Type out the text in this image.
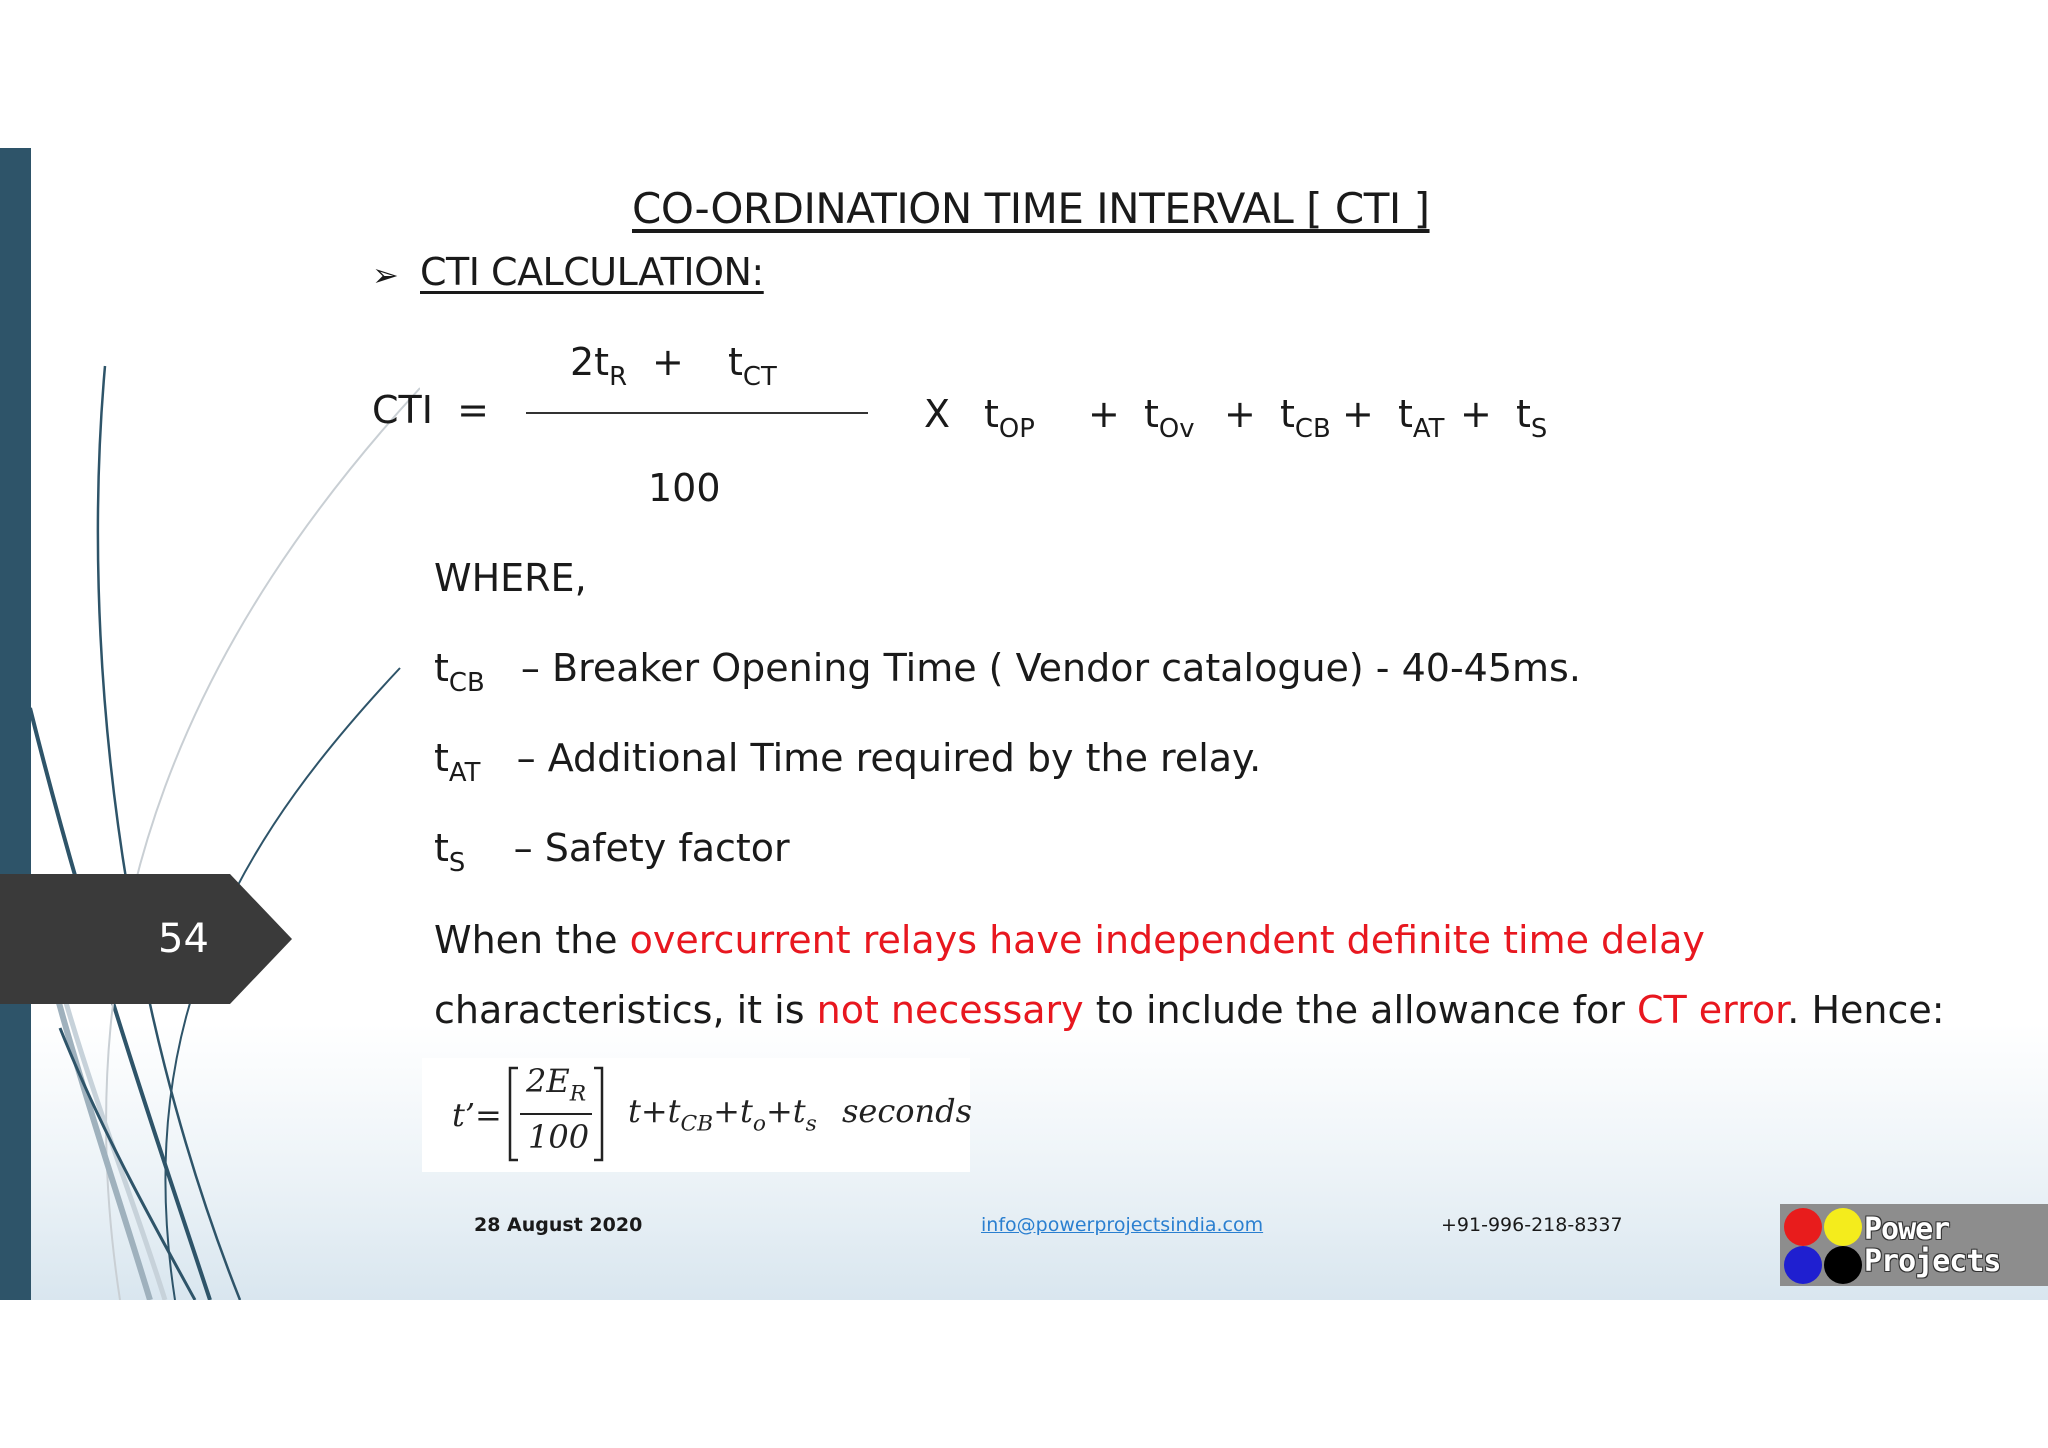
54
CO-ORDINATION TIME INTERVAL [ CTI ]
➢ CTI CALCULATION:
CTI =
$2t_R + t_{CT}$
100
X $t_{OP} + t_{Ov} + t_{CB} + t_{AT} + t_S$
WHERE,
$t_{CB}$ – Breaker Opening Time ( Vendor catalogue) - 40-45ms.
$t_{AT}$ – Additional Time required by the relay.
$t_S$ – Safety factor
When the overcurrent relays have independent definite time delay
characteristics, it is not necessary to include the allowance for CT error. Hence:
t’=
$2E_R$
100
$t+t_{CB}+t_o+t_s$ seconds
28 August 2020	info@powerprojectsindia.com	+91-996-218-8337	Power
Projects
